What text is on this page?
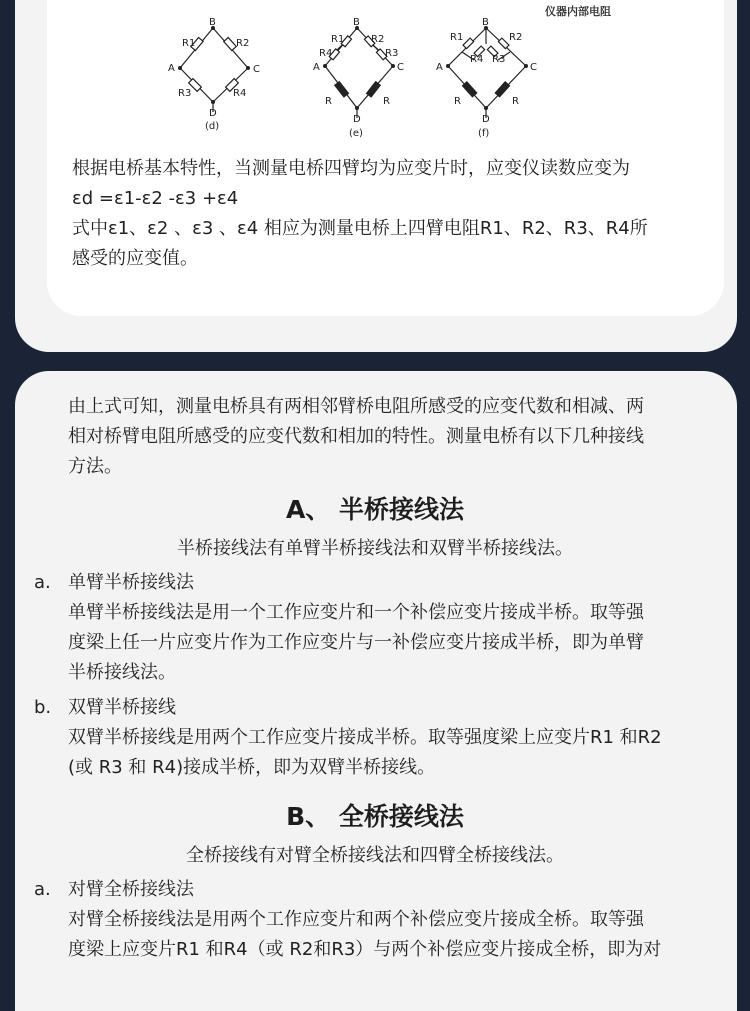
仪器内部电阻
B
R1	R2
A	C
R3	R4
D
(d)
B
R1	R2
R4	R3
A	C
R	R
D
(e)
B
R1	R2
R4 R3
A	C
R	R
D
(f)

根据电桥基本特性，当测量电桥四臂均为应变片时，应变仪读数应变为

εd =ε1-ε2 -ε3 +ε4

式中ε1、ε2 、ε3 、ε4 相应为测量电桥上四臂电阻R1、R2、R3、R4所

感受的应变值。

由上式可知，测量电桥具有两相邻臂桥电阻所感受的应变代数和相减、两

相对桥臂电阻所感受的应变代数和相加的特性。测量电桥有以下几种接线

方法。

A、 半桥接线法
半桥接线法有单臂半桥接线法和双臂半桥接线法。
a. 单臂半桥接线法

单臂半桥接线法是用一个工作应变片和一个补偿应变片接成半桥。取等强

度梁上任一片应变片作为工作应变片与一补偿应变片接成半桥，即为单臂

半桥接线法。

b. 双臂半桥接线

双臂半桥接线是用两个工作应变片接成半桥。取等强度梁上应变片R1 和R2

(或 R3 和 R4)接成半桥，即为双臂半桥接线。

B、 全桥接线法
全桥接线有对臂全桥接线法和四臂全桥接线法。
a. 对臂全桥接线法

对臂全桥接线法是用两个工作应变片和两个补偿应变片接成全桥。取等强

度梁上应变片R1 和R4（或 R2和R3）与两个补偿应变片接成全桥，即为对
